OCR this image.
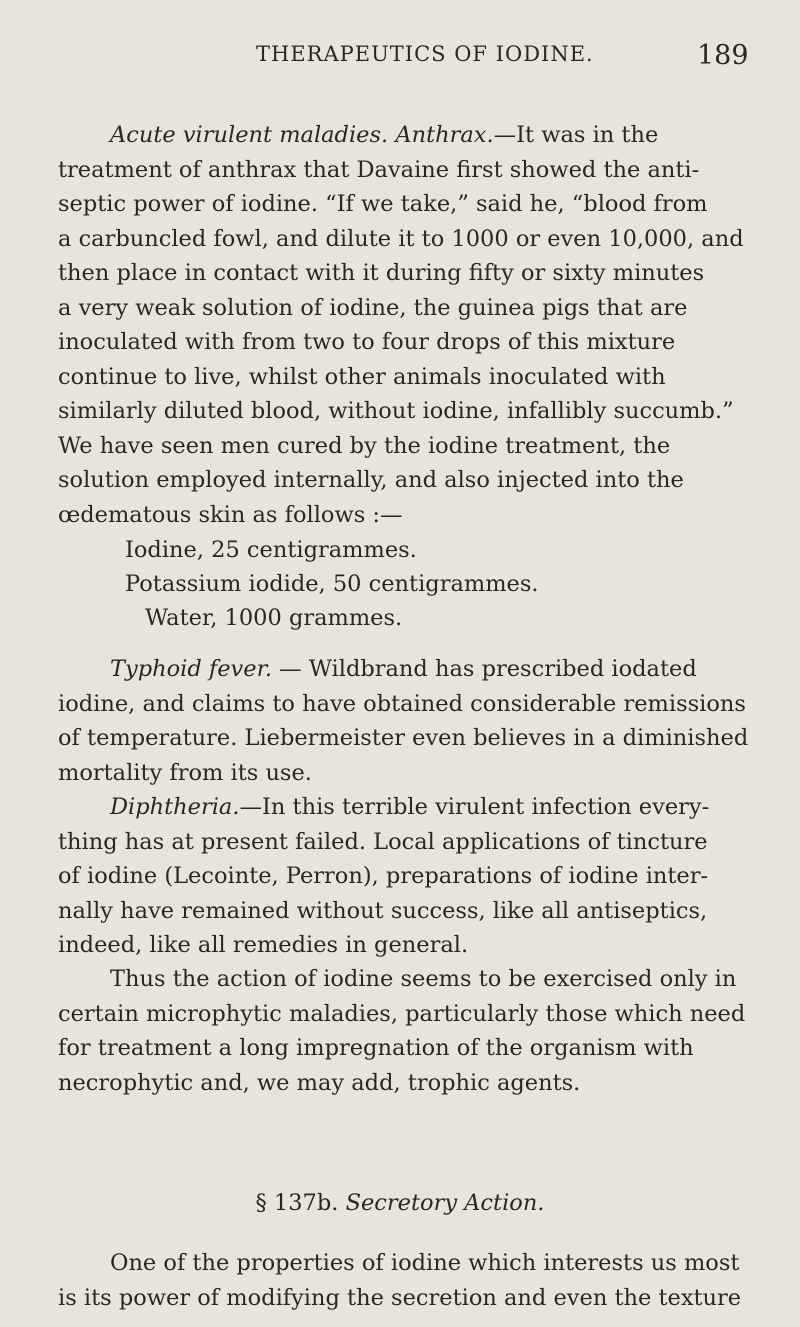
THERAPEUTICS OF IODINE.	189
Acute virulent maladies. Anthrax.—It was in the
treatment of anthrax that Davaine first showed the anti-
septic power of iodine. “If we take,” said he, “blood from
a carbuncled fowl, and dilute it to 1000 or even 10,000, and
then place in contact with it during fifty or sixty minutes
a very weak solution of iodine, the guinea pigs that are
inoculated with from two to four drops of this mixture
continue to live, whilst other animals inoculated with
similarly diluted blood, without iodine, infallibly succumb.”
We have seen men cured by the iodine treatment, the
solution employed internally, and also injected into the
œdematous skin as follows :—
Iodine, 25 centigrammes.
Potassium iodide, 50 centigrammes.
Water, 1000 grammes.
Typhoid fever. — Wildbrand has prescribed iodated
iodine, and claims to have obtained considerable remissions
of temperature. Liebermeister even believes in a diminished
mortality from its use.
Diphtheria.—In this terrible virulent infection every-
thing has at present failed. Local applications of tincture
of iodine (Lecointe, Perron), preparations of iodine inter-
nally have remained without success, like all antiseptics,
indeed, like all remedies in general.
Thus the action of iodine seems to be exercised only in
certain microphytic maladies, particularly those which need
for treatment a long impregnation of the organism with
necrophytic and, we may add, trophic agents.
§ 137b. Secretory Action.
One of the properties of iodine which interests us most
is its power of modifying the secretion and even the texture
